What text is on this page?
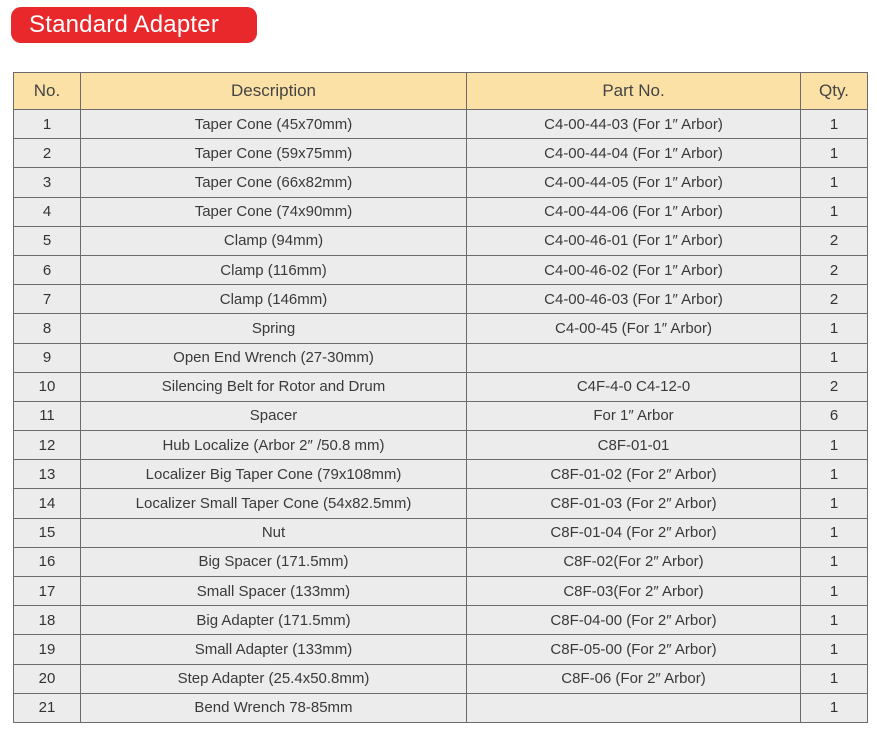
Standard Adapter
No.	Description	Part No.	Qty.
1	Taper Cone (45x70mm)	C4-00-44-03 (For 1″ Arbor)	1
2	Taper Cone (59x75mm)	C4-00-44-04 (For 1″ Arbor)	1
3	Taper Cone (66x82mm)	C4-00-44-05 (For 1″ Arbor)	1
4	Taper Cone (74x90mm)	C4-00-44-06 (For 1″ Arbor)	1
5	Clamp (94mm)	C4-00-46-01 (For 1″ Arbor)	2
6	Clamp (116mm)	C4-00-46-02 (For 1″ Arbor)	2
7	Clamp (146mm)	C4-00-46-03 (For 1″ Arbor)	2
8	Spring	C4-00-45 (For 1″ Arbor)	1
9	Open End Wrench (27-30mm)		1
10	Silencing Belt for Rotor and Drum	C4F-4-0 C4-12-0	2
11	Spacer	For 1″ Arbor	6
12	Hub Localize (Arbor 2″ /50.8 mm)	C8F-01-01	1
13	Localizer Big Taper Cone (79x108mm)	C8F-01-02 (For 2″ Arbor)	1
14	Localizer Small Taper Cone (54x82.5mm)	C8F-01-03 (For 2″ Arbor)	1
15	Nut	C8F-01-04 (For 2″ Arbor)	1
16	Big Spacer (171.5mm)	C8F-02(For 2″ Arbor)	1
17	Small Spacer (133mm)	C8F-03(For 2″ Arbor)	1
18	Big Adapter (171.5mm)	C8F-04-00 (For 2″ Arbor)	1
19	Small Adapter (133mm)	C8F-05-00 (For 2″ Arbor)	1
20	Step Adapter (25.4x50.8mm)	C8F-06 (For 2″ Arbor)	1
21	Bend Wrench 78-85mm		1
